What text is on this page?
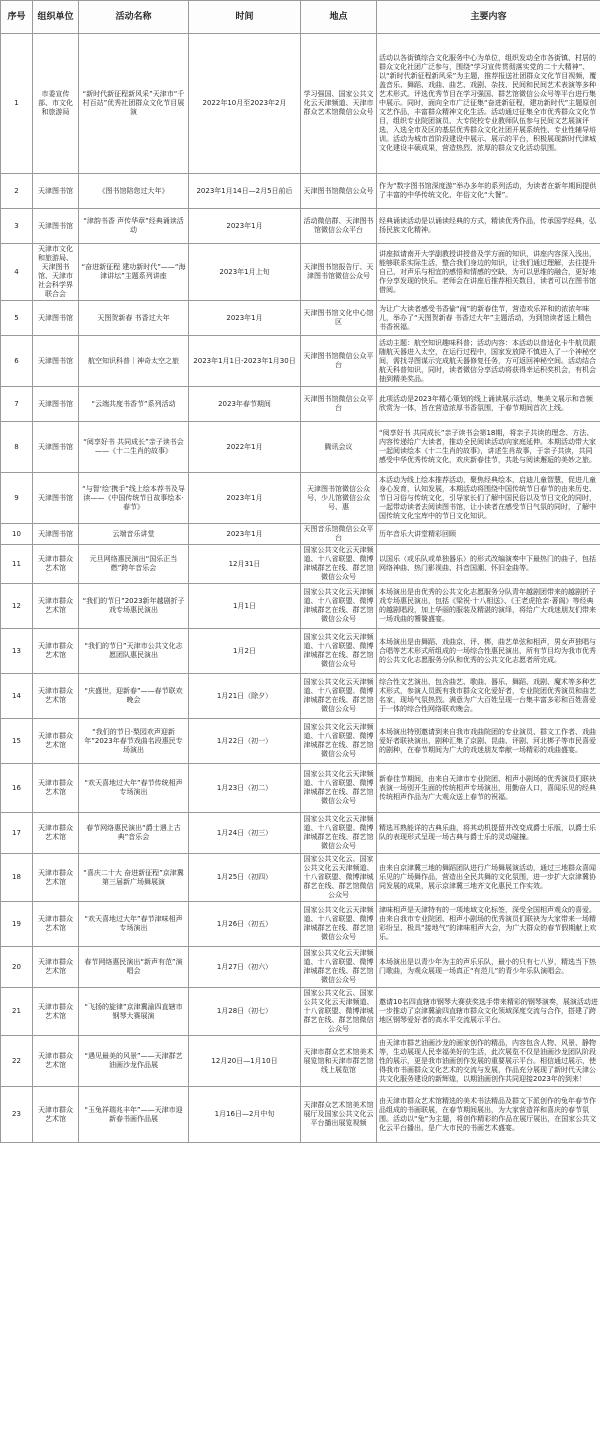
序号	组织单位	活动名称	时间	地点	主要内容
1	市委宣传部、市文化和旅游局	“新时代新征程新风采”天津市“千村百站”优秀社团群众文化节目展演	2022年10月至2023年2月	学习强国、国家公共文化云天津频道、天津市群众艺术馆微信公众号	活动以各街镇综合文化服务中心为单位，组织发动全市各街镇、村居的群众文化社团广泛参与，围绕“学习宣传贯彻落实党的二十大精神”、以“新时代新征程新风采”为主题，推荐报送社团群众文化节目视频，覆盖音乐、舞蹈、戏曲、曲艺、戏剧、杂技、民间和民间艺术表演等多种艺术形式。评选优秀节目在学习强国、群艺馆微信公众号等平台进行集中展示。同时，面向全市广泛征集“奋进新征程，建功新时代”主题原创文艺作品，丰富群众精神文化生活。活动通过征集全市优秀群众文化节目，组织专业院团演员、大专院校专业教师队伍参与民间文艺展演评选，入选全市及区的基层优秀群众文化社团开展系统性、专业性辅导培训。活动为城市首阶段建设中展示、展示的平台，积极展现新时代津城文化建设丰硕成果，营造热烈、浓厚的群众文化活动氛围。
2	天津图书馆	《图书馆陪您过大年》	2023年1月14日—2月5日前后	天津图书馆微信公众号	作为“数字图书馆深度游”举办多年的系列活动，为读者在新年期间提供了丰富的中华传统文化、年俗文化“大餐”。
3	天津图书馆	“津韵书香 声传华章”经典诵读活动	2023年1月	活动微信群、天津图书馆微信公众平台	经典诵读活动是以诵读经典的方式，精读优秀作品，传承国学经典，弘扬民族文化精神。
4	天津市文化和旅游局、天津图书馆、天津市社会科学界联合会	“奋进新征程 建功新时代”——“海津讲坛”主题系列讲座	2023年1月上旬	天津图书馆报告厅、天津图书馆微信公众号	讲座拟请南开大学副教授讲授普及学方面的知识，讲座内容深入浅出，能够联系实际生活，整合我们身边的知识，让我们通过理解，去往提升自己，对声乐与相宜的感悟和情感的空缺，为可以思维的融合，更好地作分享发现的快乐。老师会在讲座后推荐相关数目，读者可以在图书馆借阅。
5	天津图书馆	天图贺新春 书香过大年	2023年1月	天津图书馆文化中心馆区	为让广大读者感受书香偷“闹”的新春佳节，营造欢乐祥和的浓浓年味儿，举办了“天图贺新春 书香过大年”主题活动，为到馆读者送上精色书香祝福。
6	天津图书馆	航空知识科普｜神奇太空之旅	2023年1月1日-2023年1月30日	天津图书馆微信公众平台	活动主题：航空知识趣味科普；活动内容：本活动以普适化卡牛航员跟随航天器进入太空，在运行过程中，国家发放降不慎进入了一个神秘空间，需找寻图谋示完成航天器修复任务，方可返回神秘空间。活动结合航天科普知识，同时，读者微信分享活动将获得幸运积奖机会，有机会抽到精美奖品。
7	天津图书馆	“云端共度书香节”系列活动	2023年春节期间	天津图书馆微信公众平台	此项活动是2023年精心策划的线上诵读展示活动，集美文展示和音频欣赏为一体，旨在营造浓厚书香氛围，于春节期间首次上线。
8	天津图书馆	“阅享好书 共同成长”亲子读书会——《十二生肖的故事》	2022年1月	腾讯会议	“阅享好书 共同成长”亲子读书会第18期，将亲子共读的理念、方法、内容传递给广大读者，推动全民阅读活动向家庭延伸。本期活动带大家一起阅读绘本《十二生肖的故事》，讲述生肖故事，于亲子共读，共同感受中华优秀传统文化，欢庆新春佳节，共赴与阅读邂逅的美妙之旅。
9	天津图书馆	“与智‘绘’携手”线上绘本荐书及导读——《中国传统节日故事绘本·春节》	2023年1月	天津图书馆微信公众号、少儿馆微信公众号、惠	本活动为线上绘本推荐活动，聚焦经典绘本，启迪儿童智慧，促进儿童身心发育，认知发展，本期活动将围绕中国传统节日春节的由来历史、节日习俗与传统文化，引导家长们了解中国民俗以及节日文化的同时，一起带动读者去阅读图书馆，让小读者在感受节日气氛的同时，了解中国传统文化宝库中的节日文化知识。
10	天津图书馆	云端音乐讲堂	2023年1月	天图音乐馆微信公众平台	历年音乐大讲堂精彩回顾
11	天津市群众艺术馆	元旦网络惠民演出“国乐正当燃”跨年音乐会	12月31日	国家公共文化云天津频道、十八省联盟、微博津城群艺在线、群艺馆微信公众号	以国乐（或乐队或单独器乐）的形式改编演奏中下最热门的曲子，包括网络神曲、热门影视曲、抖音国潮、怀旧金曲等。
12	天津市群众艺术馆	“我们的节日”2023新年越剧折子戏专场惠民演出	1月1日	国家公共文化云天津频道、十八省联盟、微博津城群艺在线、群艺馆微信公众号	本场演出是由优秀的公共文化志愿服务分队青年越剧团带来的越剧折子戏专场惠民演出，包括《梁祝·十八相送》、《王老虎抢亲·著阁》等经典的越剧唱段，加上华丽的服装及精湛的演绎，将给广大戏迷朋友们带来一场戏曲的饕餮盛宴。
13	天津市群众艺术馆	“我们的节日”天津市公共文化志愿团队惠民演出	1月2日	国家公共文化云天津频道、十八省联盟、微博津城群艺在线、群艺馆微信公众号	本场演出是由舞蹈、戏曲京、评、梆，曲艺单弦和相声，男女声独唱与合唱等艺术形式所组成的一场综合性惠民演出，所有节目均为我市优秀的公共文化志愿服务分队和优秀的公共文化志愿者所完成。
14	天津市群众艺术馆	“庆盛世，迎新春”——春节联欢晚会	1月21日（除夕）	国家公共文化云天津频道、十八省联盟、微博津城群艺在线、群艺馆微信公众号	综合性文艺演出，包含曲艺、歌曲、器乐、舞蹈、戏剧、魔术等多种艺术形式，参演人员既有我市群众文化爱好者，专业院团优秀演员和曲艺名家，现场气氛热烈。满意为广大百姓呈现一台集丰富多彩和百姓喜爱于一体的综合性网络联欢晚会。
15	天津市群众艺术馆	“我们的节日·梨园欢声迎新年”2023年春节戏曲名段惠民专场演出	1月22日（初一）	国家公共文化云天津频道、十八省联盟、微博津城群艺在线、群艺馆微信公众号	本场演出特别邀请到来自我市戏曲院团的专业演员、群文工作者、戏曲爱好者联袂演出，剧种汇集了京剧、昆曲、评剧、河北梆子等市民喜爱的剧种，在春节期间为广大的戏迷朋友奉献一场精彩的戏曲盛宴。
16	天津市群众艺术馆	“欢天喜地过大年”春节传统相声专场演出	1月23日（初二）	国家公共文化云天津频道、十八省联盟、微博津城群艺在线、群艺馆微信公众号	新春佳节期间，由来自天津市专业院团、相声小剧场的优秀演员们联袂表演一场别开生面的传统相声专场演出，用勤奋人口，喜闻乐见的经典传统相声作品为广大观众送上春节的祝福。
17	天津市群众艺术馆	春节网络惠民演出“爵士遇上古典”音乐会	1月24日（初三）	国家公共文化云天津频道、十八省联盟、微博津城群艺在线、群艺馆微信公众号	精选耳熟能详的古典乐曲，将其动机提留并改变成爵士乐版，以爵士乐队的表现形式呈现一场古典与爵士乐的灵动碰撞。
18	天津市群众艺术馆	“喜庆二十大 奋进新征程”京津冀第三届新广场舞展演	1月25日（初四）	国家公共文化云、国家公共文化云天津频道、十八省联盟、微博津城群艺在线、群艺馆微信公众号	由来自京津冀三地的舞蹈团队进行广场舞展演活动，通过三地群众喜闻乐见的广场舞作品，营造出全民共舞的文化氛围，进一步扩大京津冀协同发展的成果，展示京津冀三地齐文化惠民工作实效。
19	天津市群众艺术馆	“欢天喜地过大年”春节津味相声专场演出	1月26日（初五）	国家公共文化云天津频道、十八省联盟、微博津城群艺在线、群艺馆微信公众号	津味相声是天津特有的一项地域文化标签，深受全国相声观众的喜爱。由来自我市专业院团、相声小剧场的优秀演员们联袂为大家带来一场精彩纷呈、极具“接地气”的津味相声大会，为广大群众的春节假期献上欢乐。
20	天津市群众艺术馆	春节网络惠民演出“新声有范”演唱会	1月27日（初六）	国家公共文化云天津频道、十八省联盟、微博津城群艺在线、群艺馆微信公众号	本场演出是以青少年为主的声乐乐队，最小的只有七八岁，精选当下热门歌曲，为观众展现一场真正“有范儿”的青少年乐队演唱会。
21	天津市群众艺术馆	“飞扬的旋律”京津冀渝四直辖市钢琴大赛展演	1月28日（初七）	国家公共文化云、国家公共文化云天津频道、十八省联盟、微博津城群艺在线、群艺馆微信公众号	邀请10名四直辖市钢琴大赛获奖选手带来精彩的钢琴演奏，展演活动进一步推动了京津冀渝四直辖市群众文化领域深度交流与合作，搭建了跨地区钢琴爱好者的高水平交流展示平台。
22	天津市群众艺术馆	“遇见最美的风景”——天津群艺油画沙龙作品展	12月20日—1月10日	天津市群众艺术馆美术展览馆和天津市群艺馆线上展览馆	由天津市群艺油画沙龙的画家创作的精品，内容包含人物、风景、静物等，生动展现人民幸福美好的生活，此次展览不仅是油画沙龙团队阶段性的展示，更是我市油画创作发展的重要展示平台。相信通过展示，使得我市书画群众文化艺术的交流与发展，作品充分展现了新时代天津公共文化服务建设的新辉煌，以期油画创作共同迎接2023年的到来！
23	天津市群众艺术馆	“玉兔祥瑞兆丰年”——天津市迎新春书画作品展	1月16日—2月中旬	天津群众艺术馆美术馆展厅及国家公共文化云平台播出展览视频	由天津市群众艺术馆精选的美术书法精品及群文下派创作的兔年春节作品组成的书画联展，在春节期间展出，为大家营造祥和喜庆的春节氛围。活动以“兔”为主题，将创作精彩的作品在展厅展出，在国家公共文化云平台播出，是广大市民的书画艺术盛宴。
